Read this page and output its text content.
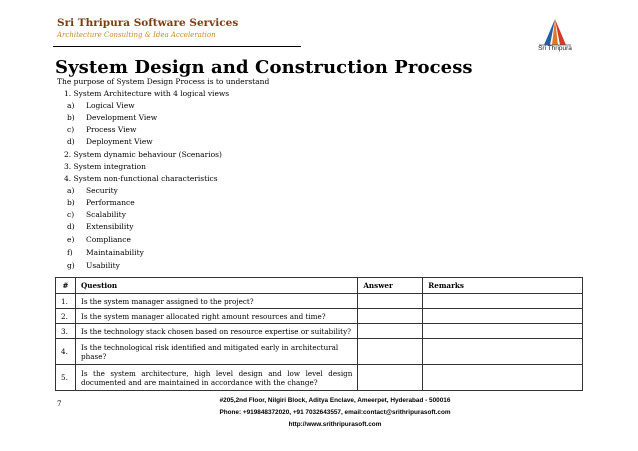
Sri Thripura Software Services
Architecture Consulting & Idea Acceleration
Sri Thripura
System Design and Construction Process
The purpose of System Design Process is to understand
1. System Architecture with 4 logical views
a) Logical View
b) Development View
c) Process View
d) Deployment View
2. System dynamic behaviour (Scenarios)
3. System integration
4. System non-functional characteristics
a) Security
b) Performance
c) Scalability
d) Extensibility
e) Compliance
f) Maintainability
g) Usability
#	Question	Answer	Remarks
1.	Is the system manager assigned to the project?		
2.	Is the system manager allocated right amount resources and time?		
3.	Is the technology stack chosen based on resource expertise or suitability?		
4.	Is the technological risk identified and mitigated early in architectural phase?		
5.	Is the system architecture, high level design and low level design documented and are maintained in accordance with the change?		
7	#205,2nd Floor, Nilgiri Block, Aditya Enclave, Ameerpet, Hyderabad - 500016
Phone: +919848372020, +91 7032643557, email:contact@srithripurasoft.com
http://www.srithripurasoft.com
